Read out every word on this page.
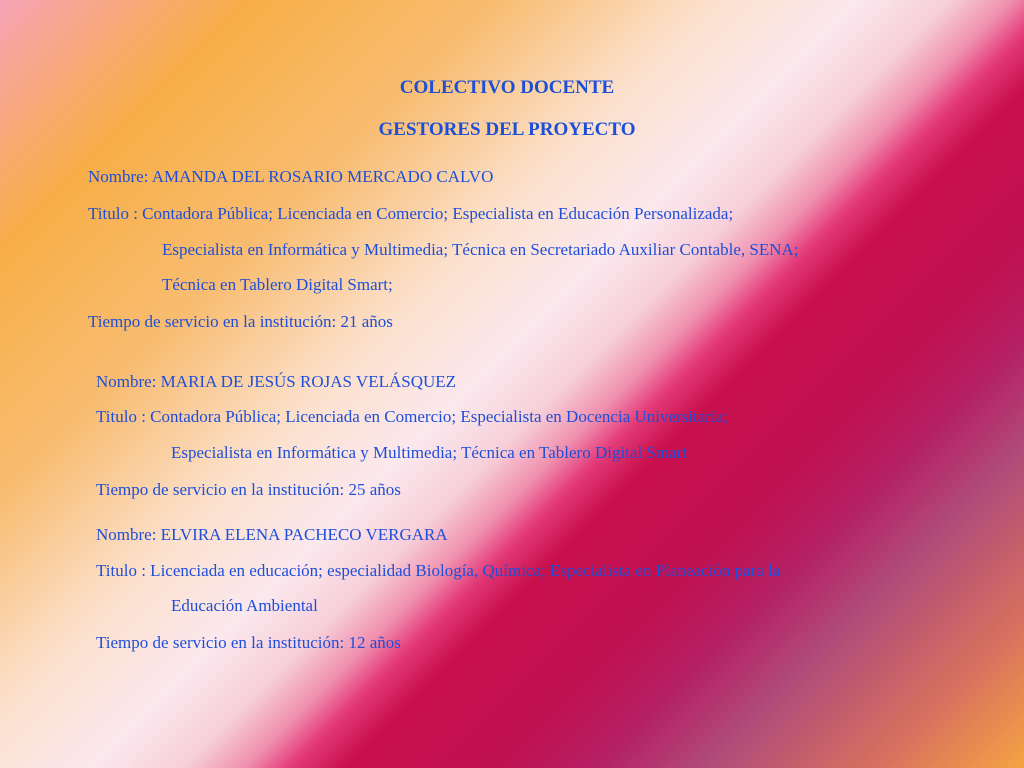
COLECTIVO DOCENTE
GESTORES DEL PROYECTO
Nombre: AMANDA DEL ROSARIO MERCADO CALVO
Titulo : Contadora Pública; Licenciada en Comercio; Especialista en Educación Personalizada;
Especialista en Informática y Multimedia; Técnica en Secretariado Auxiliar Contable, SENA;
Técnica en Tablero Digital Smart;
Tiempo de servicio en la institución: 21 años
Nombre: MARIA DE JESÚS ROJAS VELÁSQUEZ
Titulo : Contadora Pública; Licenciada en Comercio; Especialista en Docencia Universitaria;
Especialista en Informática y Multimedia; Técnica en Tablero Digital Smart
Tiempo de servicio en la institución: 25 años
Nombre: ELVIRA ELENA PACHECO VERGARA
Titulo : Licenciada en educación; especialidad Biología, Química; Especialista en Planeación para la
Educación Ambiental
Tiempo de servicio en la institución: 12 años
